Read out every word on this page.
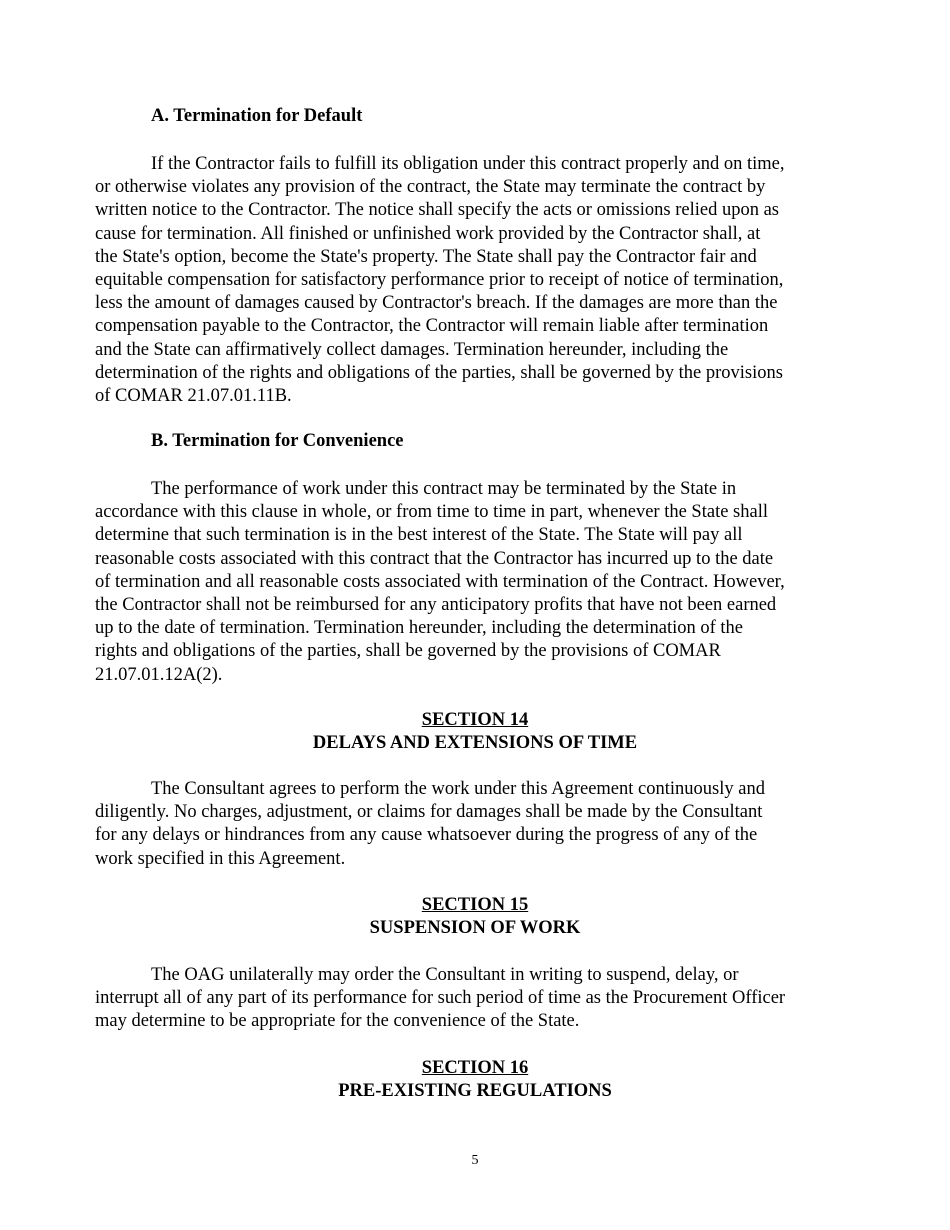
A. Termination for Default
If the Contractor fails to fulfill its obligation under this contract properly and on time,
or otherwise violates any provision of the contract, the State may terminate the contract by
written notice to the Contractor. The notice shall specify the acts or omissions relied upon as
cause for termination. All finished or unfinished work provided by the Contractor shall, at
the State's option, become the State's property. The State shall pay the Contractor fair and
equitable compensation for satisfactory performance prior to receipt of notice of termination,
less the amount of damages caused by Contractor's breach. If the damages are more than the
compensation payable to the Contractor, the Contractor will remain liable after termination
and the State can affirmatively collect damages. Termination hereunder, including the
determination of the rights and obligations of the parties, shall be governed by the provisions
of COMAR 21.07.01.11B.
B. Termination for Convenience
The performance of work under this contract may be terminated by the State in
accordance with this clause in whole, or from time to time in part, whenever the State shall
determine that such termination is in the best interest of the State. The State will pay all
reasonable costs associated with this contract that the Contractor has incurred up to the date
of termination and all reasonable costs associated with termination of the Contract. However,
the Contractor shall not be reimbursed for any anticipatory profits that have not been earned
up to the date of termination. Termination hereunder, including the determination of the
rights and obligations of the parties, shall be governed by the provisions of COMAR
21.07.01.12A(2).
SECTION 14
DELAYS AND EXTENSIONS OF TIME
The Consultant agrees to perform the work under this Agreement continuously and
diligently. No charges, adjustment, or claims for damages shall be made by the Consultant
for any delays or hindrances from any cause whatsoever during the progress of any of the
work specified in this Agreement.
SECTION 15
SUSPENSION OF WORK
The OAG unilaterally may order the Consultant in writing to suspend, delay, or
interrupt all of any part of its performance for such period of time as the Procurement Officer
may determine to be appropriate for the convenience of the State.
SECTION 16
PRE-EXISTING REGULATIONS
5
